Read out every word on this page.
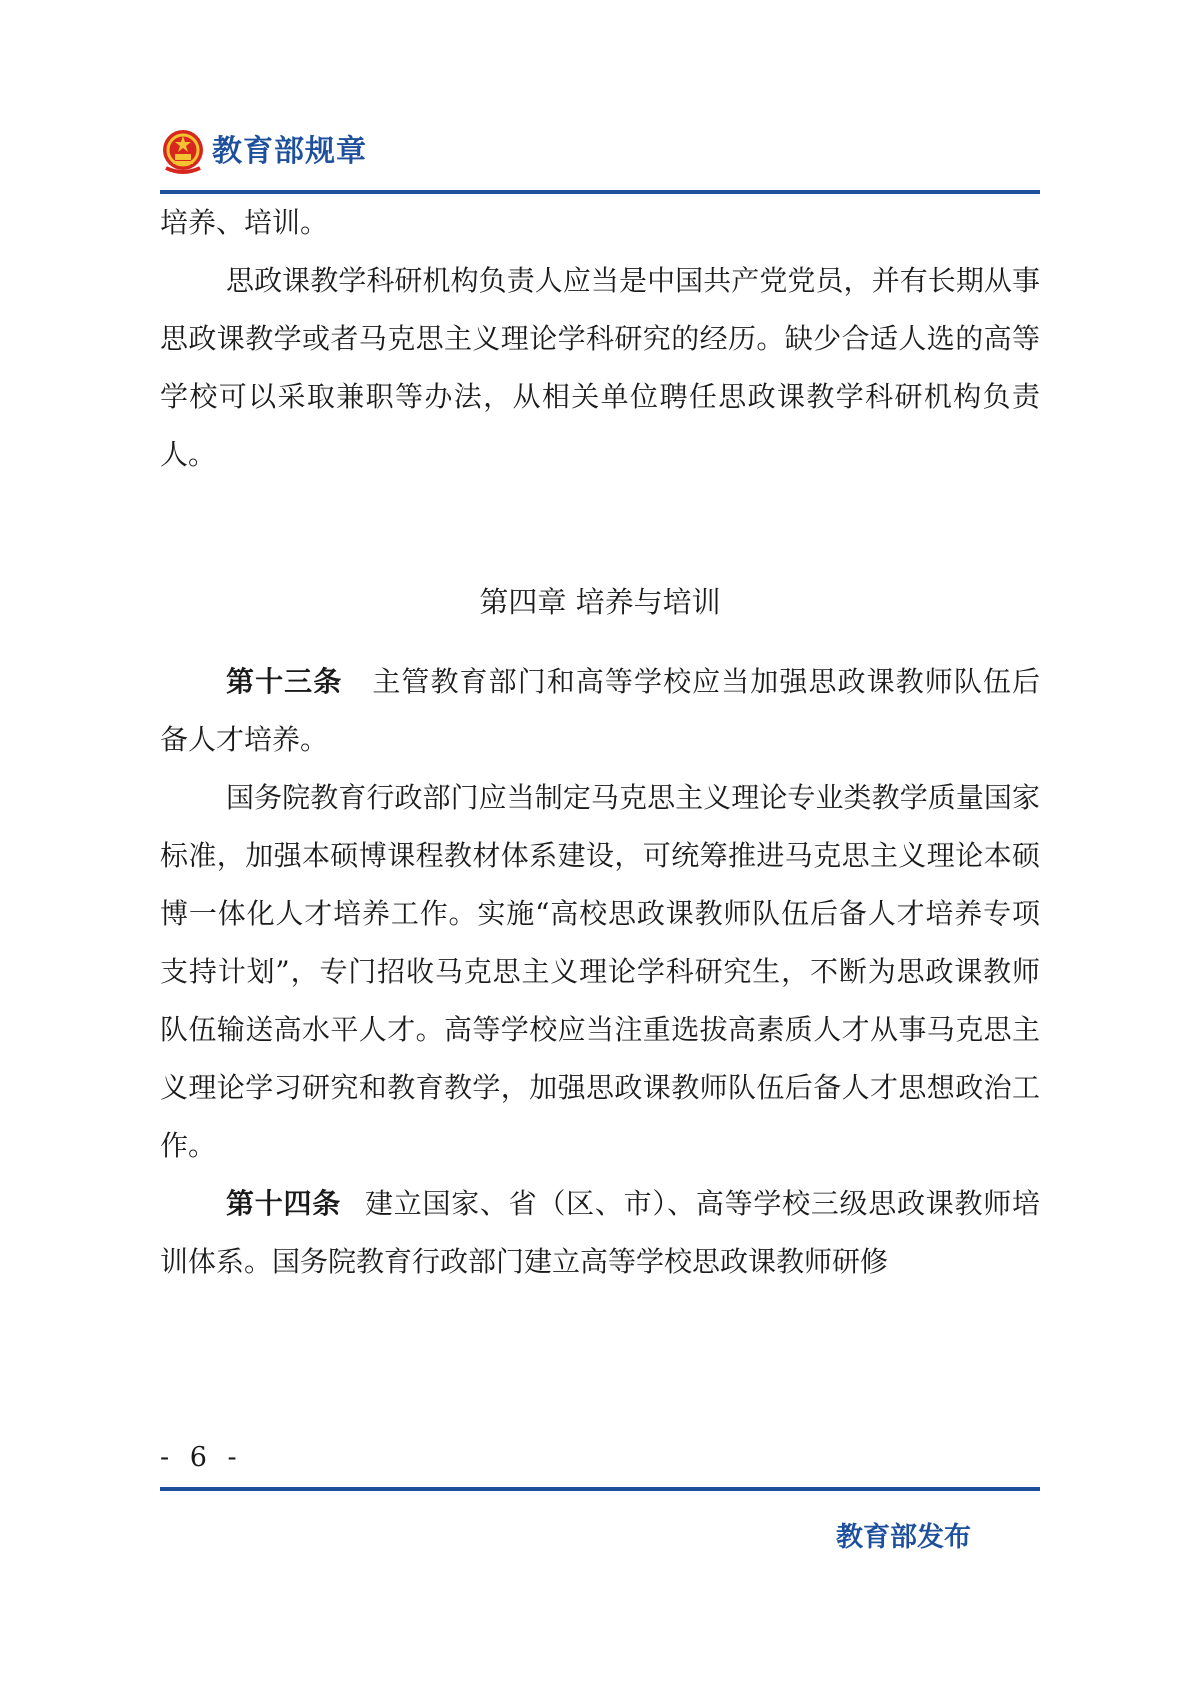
教育部规章

培养、培训。

思政课教学科研机构负责人应当是中国共产党党员，并有长期从事思政课教学或者马克思主义理论学科研究的经历。缺少合适人选的高等学校可以采取兼职等办法，从相关单位聘任思政课教学科研机构负责人。

第四章 培养与培训

第十三条 主管教育部门和高等学校应当加强思政课教师队伍后备人才培养。

国务院教育行政部门应当制定马克思主义理论专业类教学质量国家标准，加强本硕博课程教材体系建设，可统筹推进马克思主义理论本硕博一体化人才培养工作。实施“高校思政课教师队伍后备人才培养专项支持计划”，专门招收马克思主义理论学科研究生，不断为思政课教师队伍输送高水平人才。高等学校应当注重选拔高素质人才从事马克思主义理论学习研究和教育教学，加强思政课教师队伍后备人才思想政治工作。

第十四条 建立国家、省（区、市）、高等学校三级思政课教师培训体系。国务院教育行政部门建立高等学校思政课教师研修

- 6 -
教育部发布
